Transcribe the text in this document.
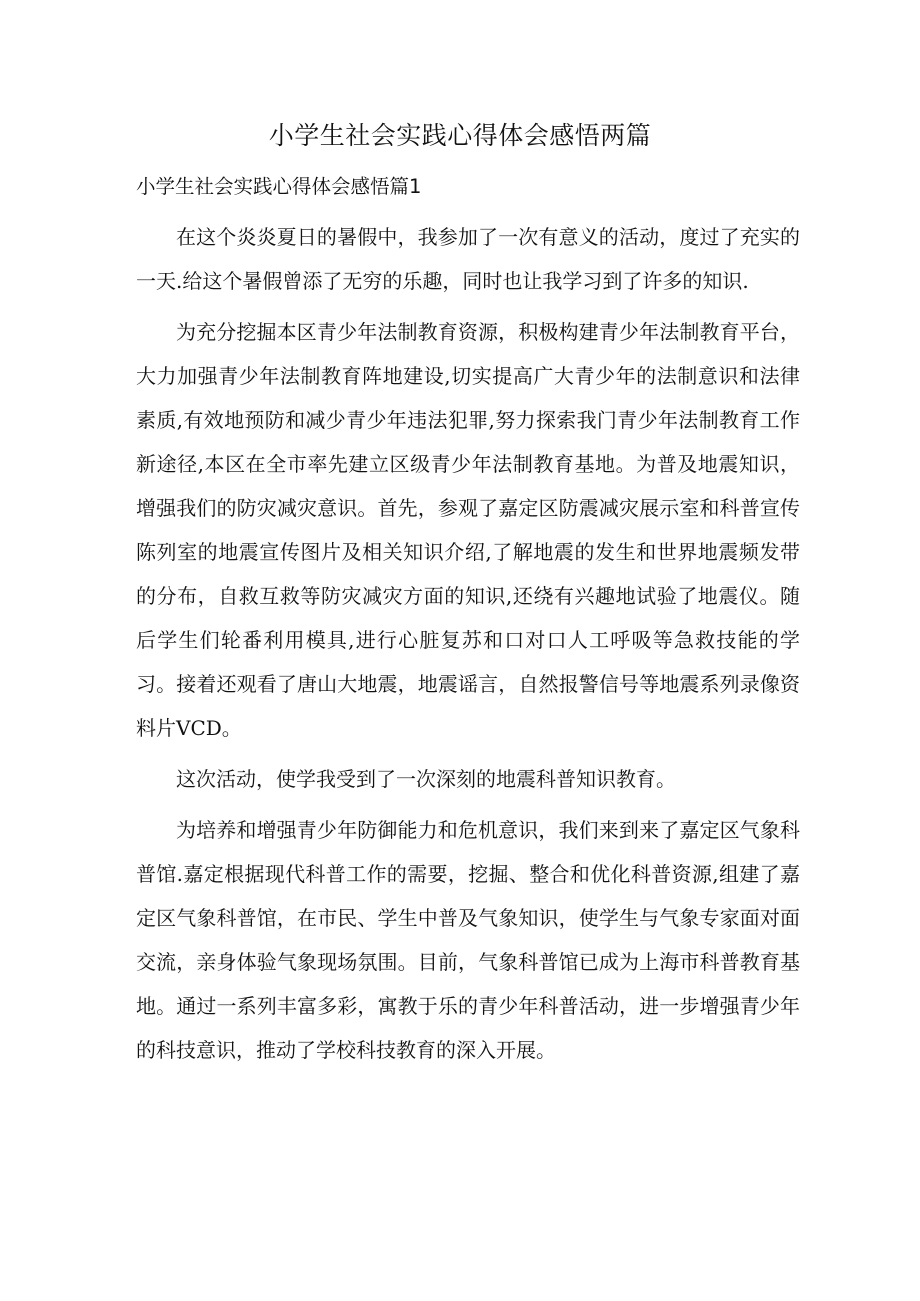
小学生社会实践心得体会感悟两篇
小学生社会实践心得体会感悟篇1

在这个炎炎夏日的暑假中，我参加了一次有意义的活动，度过了充实的一天.给这个暑假曾添了无穷的乐趣，同时也让我学习到了许多的知识.

为充分挖掘本区青少年法制教育资源，积极构建青少年法制教育平台，大力加强青少年法制教育阵地建设,切实提高广大青少年的法制意识和法律素质,有效地预防和减少青少年违法犯罪,努力探索我门青少年法制教育工作新途径,本区在全市率先建立区级青少年法制教育基地。为普及地震知识，增强我们的防灾减灾意识。首先，参观了嘉定区防震减灾展示室和科普宣传陈列室的地震宣传图片及相关知识介绍,了解地震的发生和世界地震频发带的分布，自救互救等防灾减灾方面的知识,还绕有兴趣地试验了地震仪。随后学生们轮番利用模具,进行心脏复苏和口对口人工呼吸等急救技能的学习。接着还观看了唐山大地震，地震谣言，自然报警信号等地震系列录像资料片VCD。

这次活动，使学我受到了一次深刻的地震科普知识教育。

为培养和增强青少年防御能力和危机意识，我们来到来了嘉定区气象科普馆.嘉定根据现代科普工作的需要，挖掘、整合和优化科普资源,组建了嘉定区气象科普馆，在市民、学生中普及气象知识，使学生与气象专家面对面交流，亲身体验气象现场氛围。目前，气象科普馆已成为上海市科普教育基地。通过一系列丰富多彩，寓教于乐的青少年科普活动，进一步增强青少年的科技意识，推动了学校科技教育的深入开展。
